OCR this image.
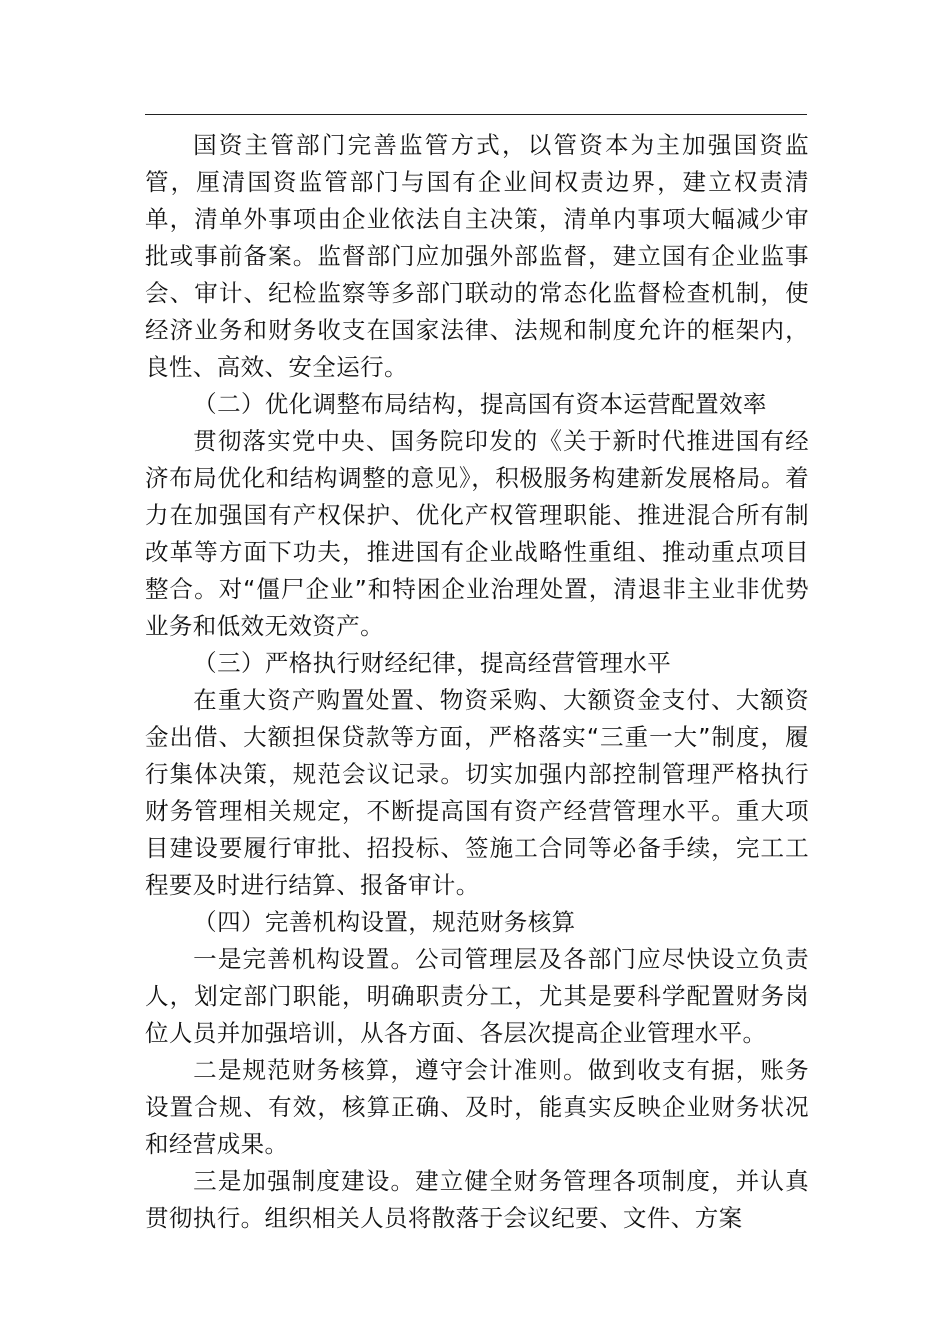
国资主管部门完善监管方式，以管资本为主加强国资监管，厘清国资监管部门与国有企业间权责边界，建立权责清单，清单外事项由企业依法自主决策，清单内事项大幅减少审批或事前备案。监督部门应加强外部监督，建立国有企业监事会、审计、纪检监察等多部门联动的常态化监督检查机制，使经济业务和财务收支在国家法律、法规和制度允许的框架内，良性、高效、安全运行。

（二）优化调整布局结构，提高国有资本运营配置效率

贯彻落实党中央、国务院印发的《关于新时代推进国有经济布局优化和结构调整的意见》，积极服务构建新发展格局。着力在加强国有产权保护、优化产权管理职能、推进混合所有制改革等方面下功夫，推进国有企业战略性重组、推动重点项目整合。对“僵尸企业”和特困企业治理处置，清退非主业非优势业务和低效无效资产。

（三）严格执行财经纪律，提高经营管理水平

在重大资产购置处置、物资采购、大额资金支付、大额资金出借、大额担保贷款等方面，严格落实“三重一大”制度，履行集体决策，规范会议记录。切实加强内部控制管理严格执行财务管理相关规定，不断提高国有资产经营管理水平。重大项目建设要履行审批、招投标、签施工合同等必备手续，完工工程要及时进行结算、报备审计。

（四）完善机构设置，规范财务核算

一是完善机构设置。公司管理层及各部门应尽快设立负责人，划定部门职能，明确职责分工，尤其是要科学配置财务岗位人员并加强培训，从各方面、各层次提高企业管理水平。

二是规范财务核算，遵守会计准则。做到收支有据，账务设置合规、有效，核算正确、及时，能真实反映企业财务状况和经营成果。

三是加强制度建设。建立健全财务管理各项制度，并认真贯彻执行。组织相关人员将散落于会议纪要、文件、方案
